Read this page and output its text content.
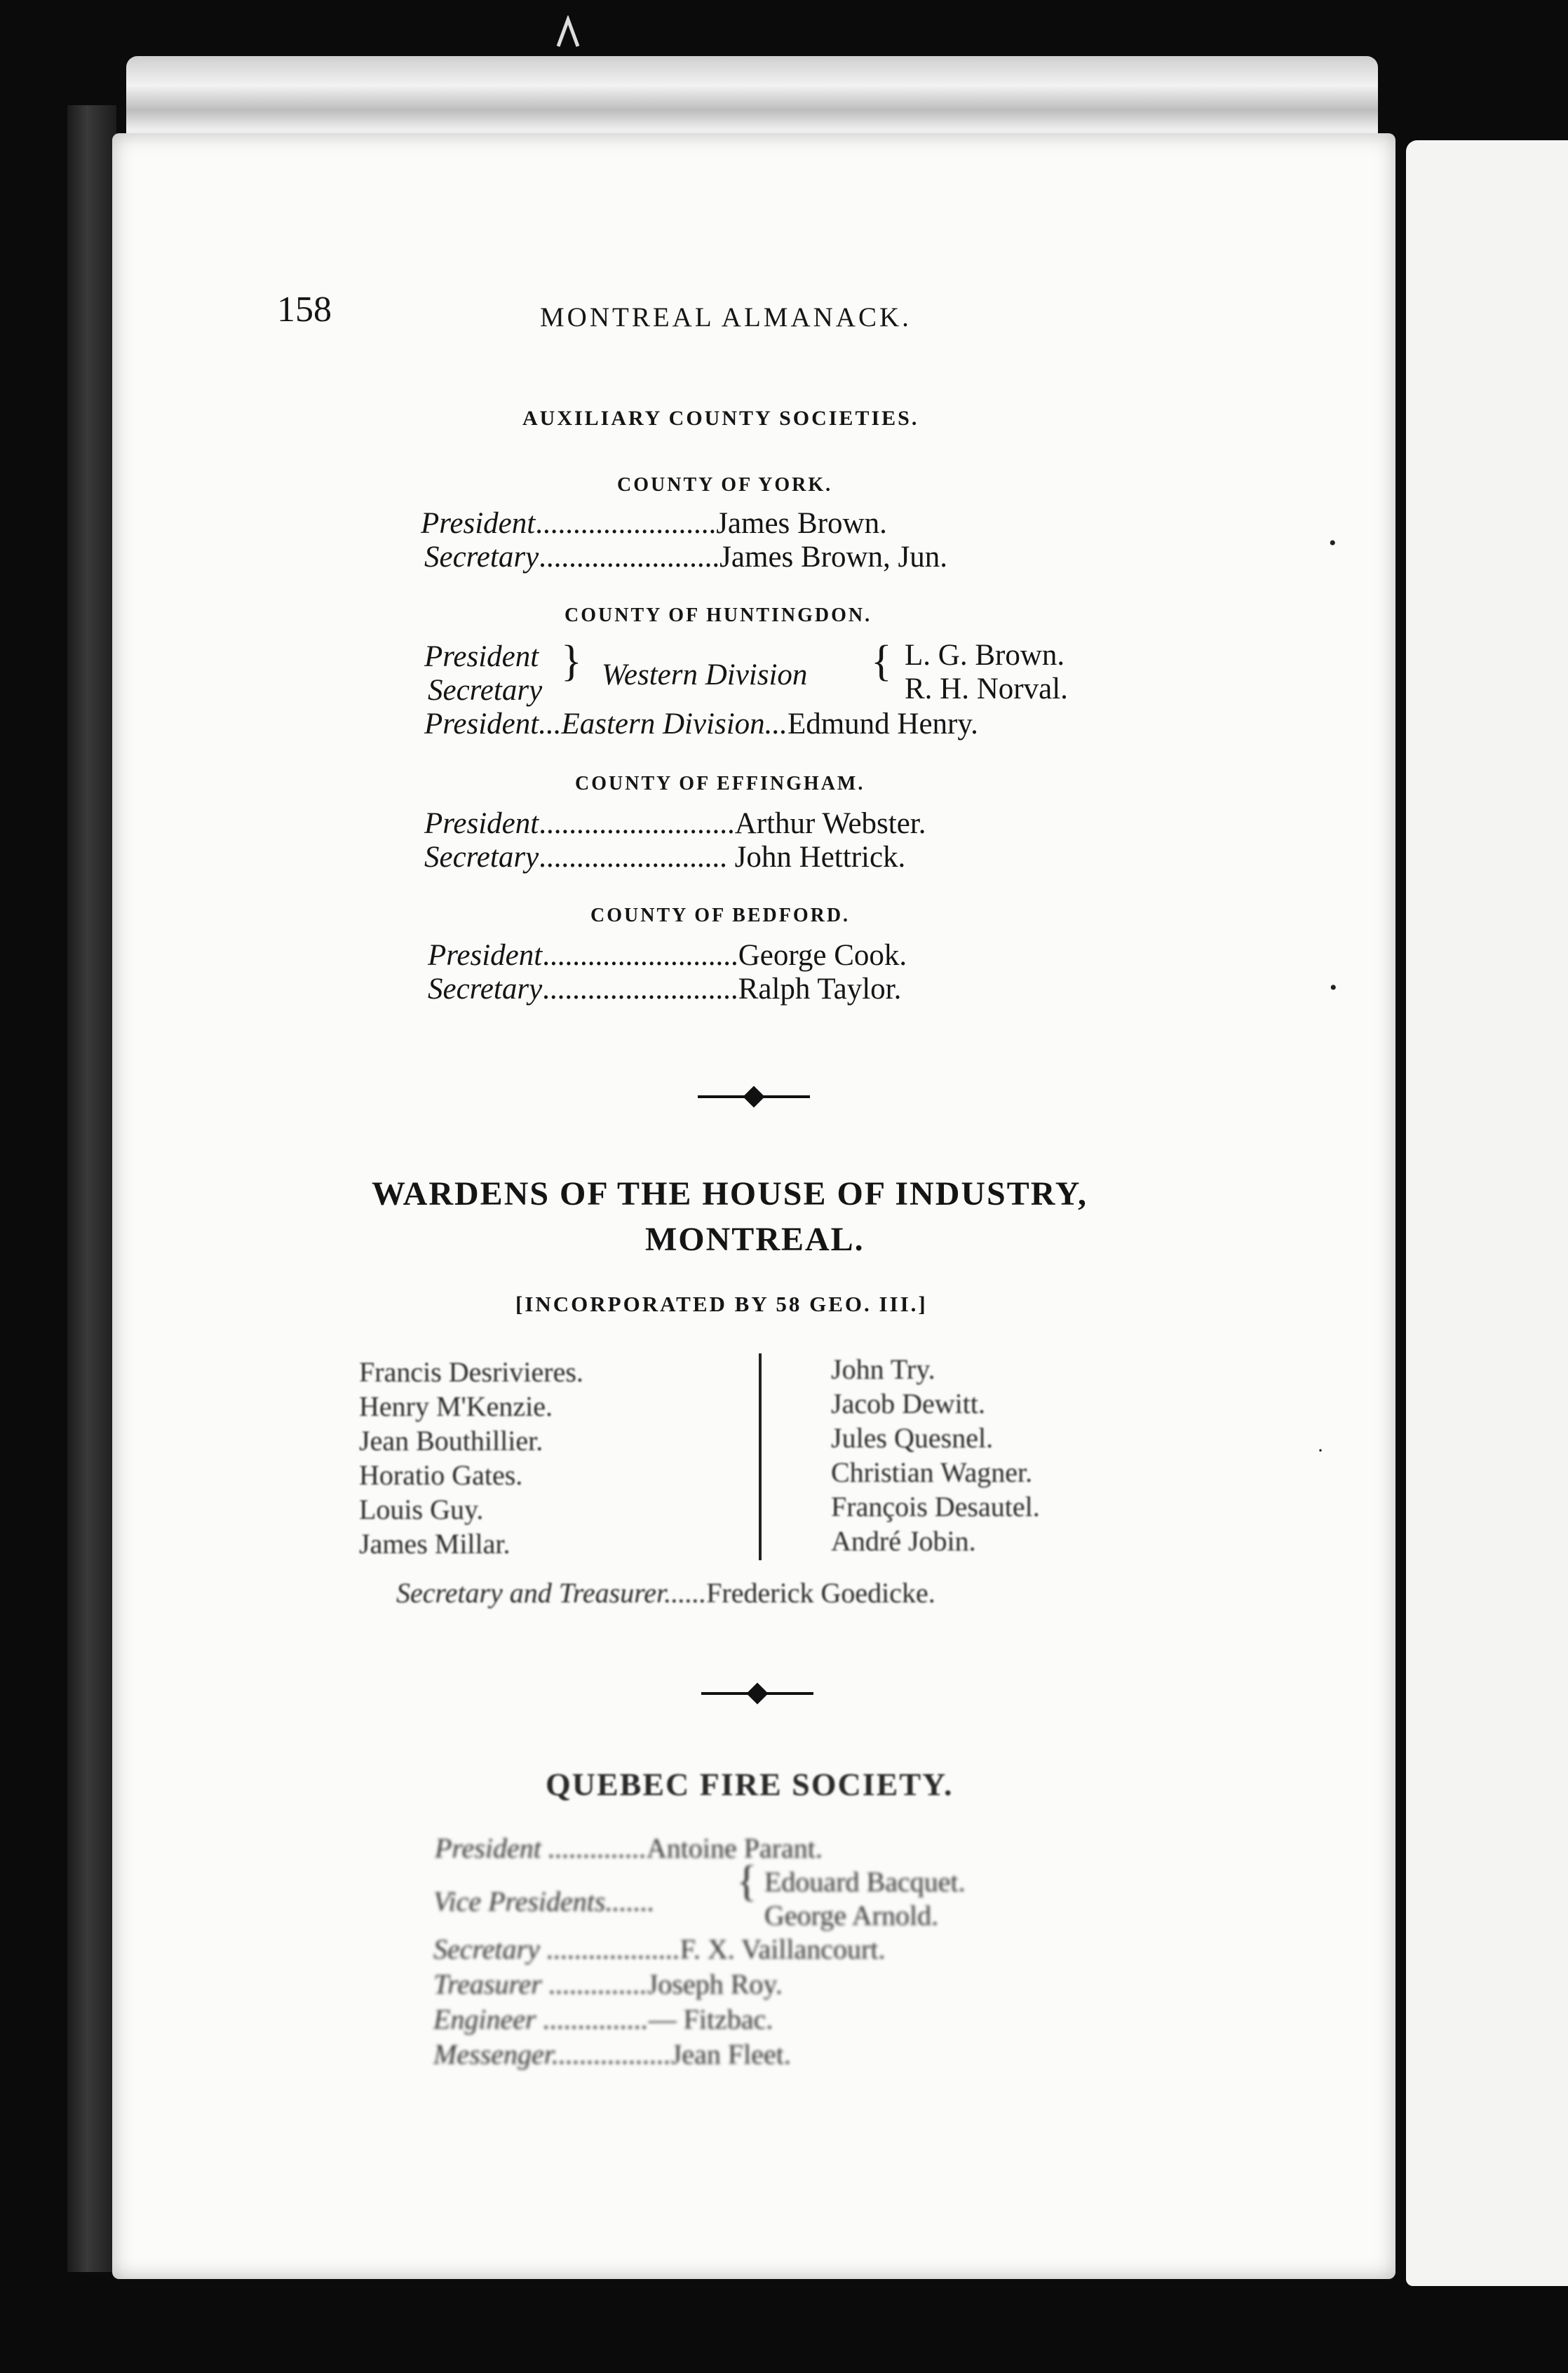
158	MONTREAL ALMANACK.
AUXILIARY COUNTY SOCIETIES.
COUNTY OF YORK.
President........................James Brown.
Secretary........................James Brown, Jun.
COUNTY OF HUNTINGDON.
President
Secretary
} Western Division { L. G. Brown.
R. H. Norval.
President...Eastern Division...Edmund Henry.
COUNTY OF EFFINGHAM.
President..........................Arthur Webster.
Secretary......................... John Hettrick.
COUNTY OF BEDFORD.
President..........................George Cook.
Secretary..........................Ralph Taylor.
WARDENS OF THE HOUSE OF INDUSTRY,
MONTREAL.
[INCORPORATED BY 58 GEO. III.]
Francis Desrivieres.
Henry M'Kenzie.
Jean Bouthillier.
Horatio Gates.
Louis Guy.
James Millar.
John Try.
Jacob Dewitt.
Jules Quesnel.
Christian Wagner.
François Desautel.
André Jobin.
Secretary and Treasurer......Frederick Goedicke.
QUEBEC FIRE SOCIETY.
President ..............Antoine Parant.
Vice Presidents....... { Edouard Bacquet.
George Arnold.
Secretary ...................F. X. Vaillancourt.
Treasurer ..............Joseph Roy.
Engineer ...............— Fitzbac.
Messenger.................Jean Fleet.
•
•
·
